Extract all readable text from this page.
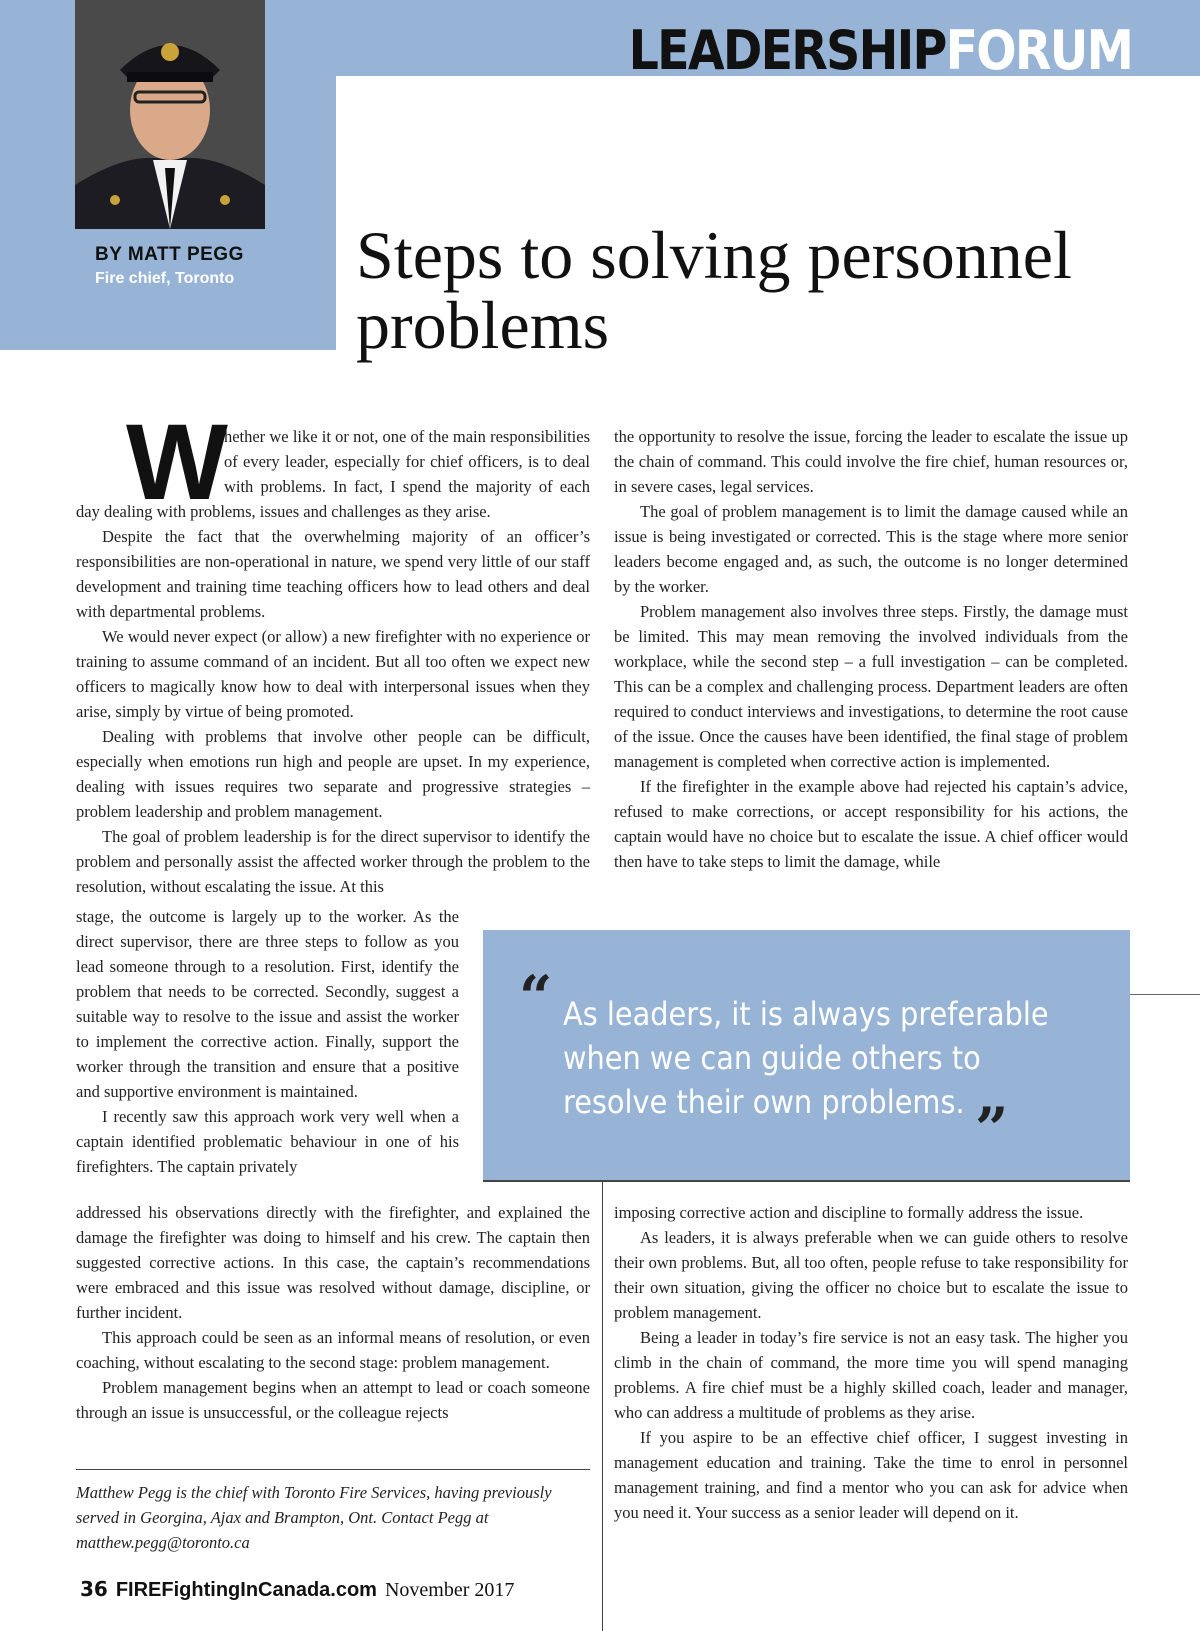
LEADERSHIPFORUM
BY MATT PEGG
Fire chief, Toronto Steps to solving personnel problems

Whether we like it or not, one of the main responsibilities of every leader, especially for chief officers, is to deal with problems. In fact, I spend the majority of each day dealing with problems, issues and challenges as they arise.

Despite the fact that the overwhelming majority of an officer’s responsibilities are non-operational in nature, we spend very little of our staff development and training time teaching officers how to lead others and deal with departmental problems.

We would never expect (or allow) a new firefighter with no experience or training to assume command of an incident. But all too often we expect new officers to magically know how to deal with interpersonal issues when they arise, simply by virtue of being promoted.

Dealing with problems that involve other people can be difficult, especially when emotions run high and people are upset. In my experience, dealing with issues requires two separate and progressive strategies – problem leadership and problem management.

The goal of problem leadership is for the direct supervisor to identify the problem and personally assist the affected worker through the problem to the resolution, without escalating the issue. At this

stage, the outcome is largely up to the worker. As the direct supervisor, there are three steps to follow as you lead someone through to a resolution. First, identify the problem that needs to be corrected. Secondly, suggest a suitable way to resolve to the issue and assist the worker to implement the corrective action. Finally, support the worker through the transition and ensure that a positive and supportive environment is maintained.

I recently saw this approach work very well when a captain identified problematic behaviour in one of his firefighters. The captain privately

addressed his observations directly with the firefighter, and explained the damage the firefighter was doing to himself and his crew. The captain then suggested corrective actions. In this case, the captain’s recommendations were embraced and this issue was resolved without damage, discipline, or further incident.

This approach could be seen as an informal means of resolution, or even coaching, without escalating to the second stage: problem management.

Problem management begins when an attempt to lead or coach someone through an issue is unsuccessful, or the colleague rejects

the opportunity to resolve the issue, forcing the leader to escalate the issue up the chain of command. This could involve the fire chief, human resources or, in severe cases, legal services.

The goal of problem management is to limit the damage caused while an issue is being investigated or corrected. This is the stage where more senior leaders become engaged and, as such, the outcome is no longer determined by the worker.

Problem management also involves three steps. Firstly, the damage must be limited. This may mean removing the involved individuals from the workplace, while the second step – a full investigation – can be completed. This can be a complex and challenging process. Department leaders are often required to conduct interviews and investigations, to determine the root cause of the issue. Once the causes have been identified, the final stage of problem management is completed when corrective action is implemented.

If the firefighter in the example above had rejected his captain’s advice, refused to make corrections, or accept responsibility for his actions, the captain would have no choice but to escalate the issue. A chief officer would then have to take steps to limit the damage, while

“ As leaders, it is always preferable when we can guide others to resolve their own problems. ”

imposing corrective action and discipline to formally address the issue.

As leaders, it is always preferable when we can guide others to resolve their own problems. But, all too often, people refuse to take responsibility for their own situation, giving the officer no choice but to escalate the issue to problem management.

Being a leader in today’s fire service is not an easy task. The higher you climb in the chain of command, the more time you will spend managing problems. A fire chief must be a highly skilled coach, leader and manager, who can address a multitude of problems as they arise.

If you aspire to be an effective chief officer, I suggest investing in management education and training. Take the time to enrol in personnel management training, and find a mentor who you can ask for advice when you need it. Your success as a senior leader will depend on it.

Matthew Pegg is the chief with Toronto Fire Services, having previously served in Georgina, Ajax and Brampton, Ont. Contact Pegg at matthew.pegg@toronto.ca

36 FIREFightingInCanada.com November 2017
